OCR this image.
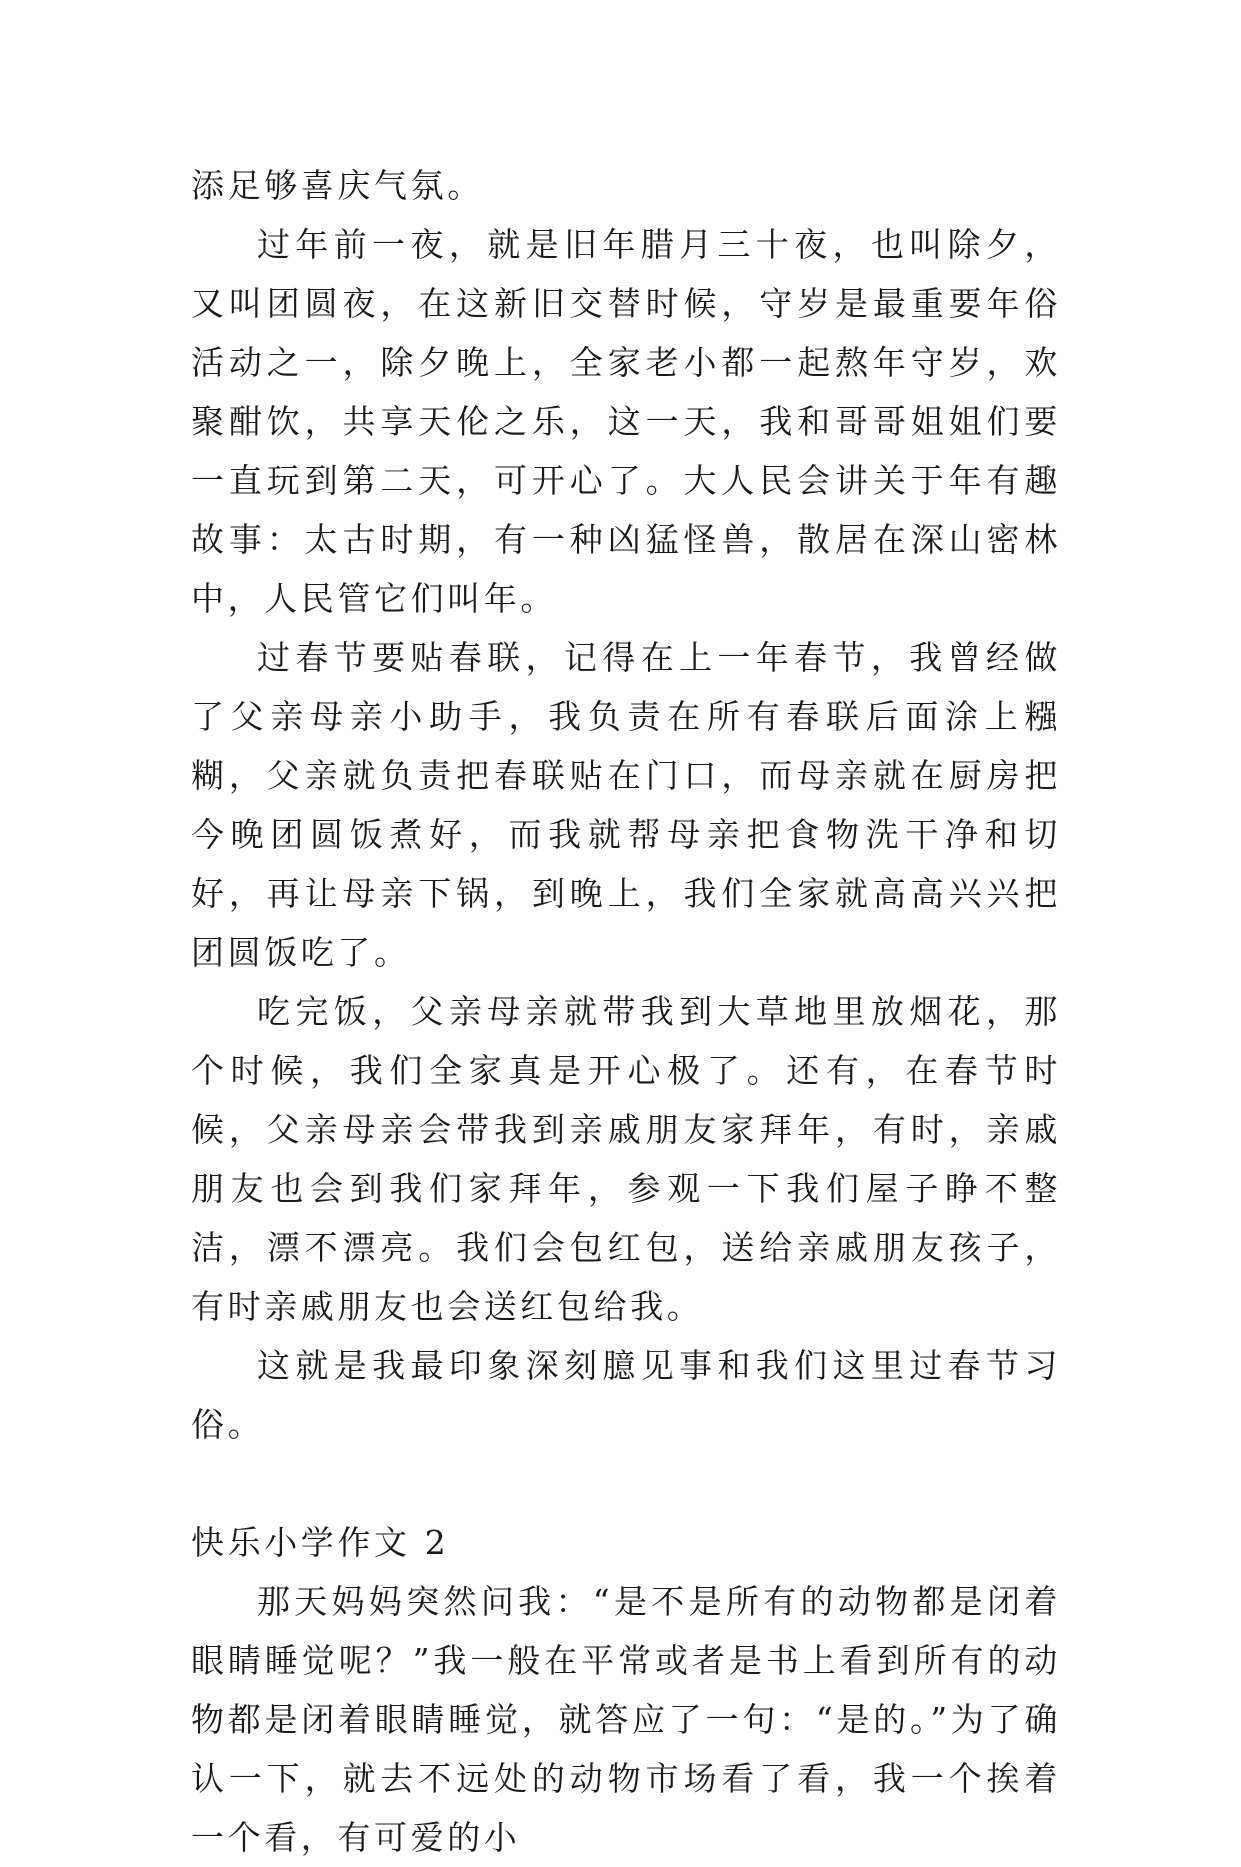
添足够喜庆气氛。

过年前一夜，就是旧年腊月三十夜，也叫除夕，又叫团圆夜，在这新旧交替时候，守岁是最重要年俗活动之一，除夕晚上，全家老小都一起熬年守岁，欢聚酣饮，共享天伦之乐，这一天，我和哥哥姐姐们要一直玩到第二天，可开心了。大人民会讲关于年有趣故事：太古时期，有一种凶猛怪兽，散居在深山密林中，人民管它们叫年。

过春节要贴春联，记得在上一年春节，我曾经做了父亲母亲小助手，我负责在所有春联后面涂上糨糊，父亲就负责把春联贴在门口，而母亲就在厨房把今晚团圆饭煮好，而我就帮母亲把食物洗干净和切好，再让母亲下锅，到晚上，我们全家就高高兴兴把团圆饭吃了。

吃完饭，父亲母亲就带我到大草地里放烟花，那个时候，我们全家真是开心极了。还有，在春节时候，父亲母亲会带我到亲戚朋友家拜年，有时，亲戚朋友也会到我们家拜年，参观一下我们屋子睁不整洁，漂不漂亮。我们会包红包，送给亲戚朋友孩子，有时亲戚朋友也会送红包给我。

这就是我最印象深刻臆见事和我们这里过春节习俗。

快乐小学作文 2

那天妈妈突然问我：“是不是所有的动物都是闭着眼睛睡觉呢？”我一般在平常或者是书上看到所有的动物都是闭着眼睛睡觉，就答应了一句：“是的。”为了确认一下，就去不远处的动物市场看了看，我一个挨着一个看，有可爱的小
